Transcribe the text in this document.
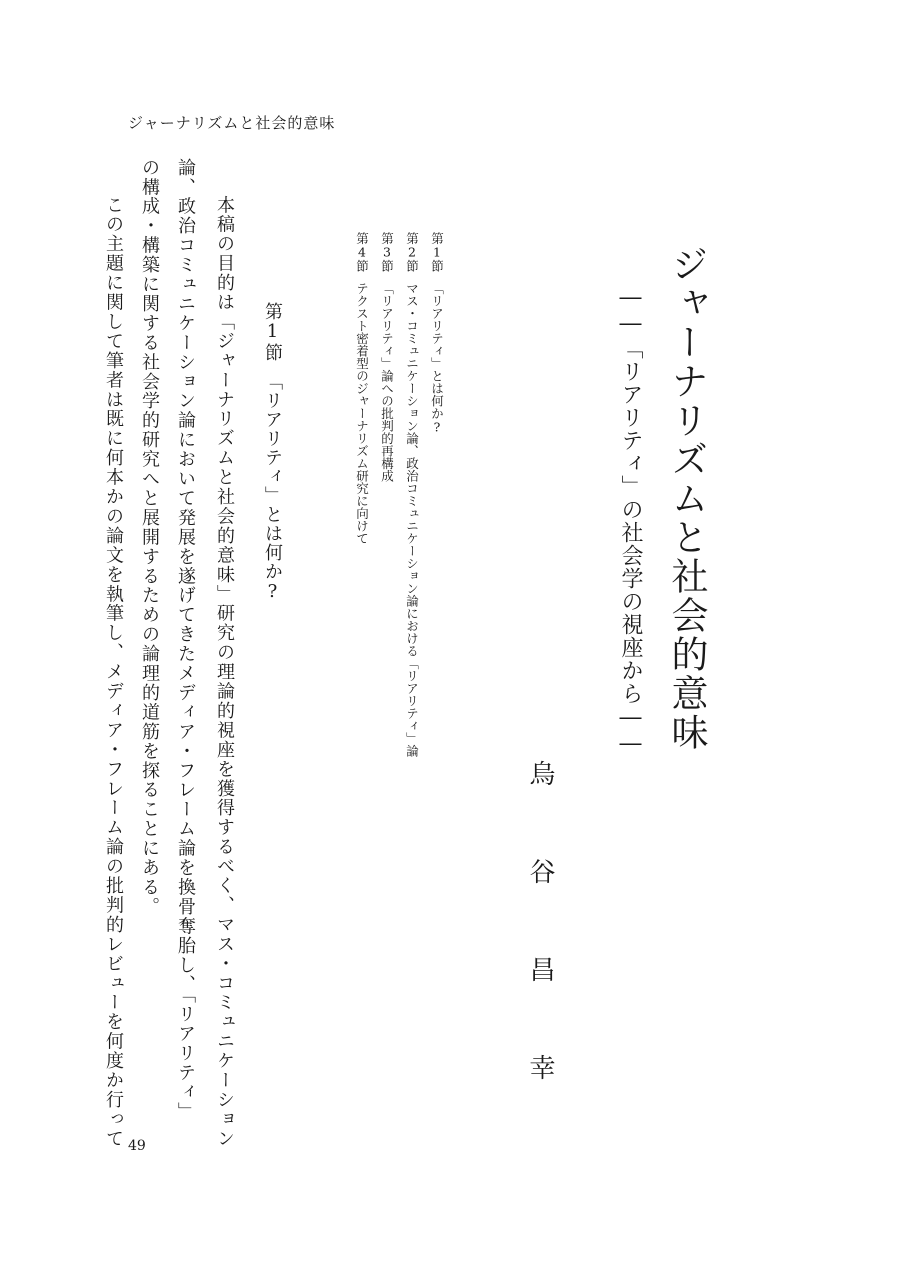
ジャーナリズムと社会的意味
ジャーナリズムと社会的意味
――「リアリティ」の社会学の視座から――
烏谷昌幸
第1節「リアリティ」とは何か?
第2節マス・コミュニケーション論、政治コミュニケーション論における「リアリティ」論
第3節「リアリティ」論への批判的再構成
第4節テクスト密着型のジャーナリズム研究に向けて
第1節　「リアリティ」とは何か?
　本稿の目的は「ジャーナリズムと社会的意味」研究の理論的視座を獲得するべく、マス・コミュニケーション
論、政治コミュニケーション論において発展を遂げてきたメディア・フレーム論を換骨奪胎し、「リアリティ」
の構成・構築に関する社会学的研究へと展開するための論理的道筋を探ることにある。
　この主題に関して筆者は既に何本かの論文を執筆し、メディア・フレーム論の批判的レビューを何度か行って 49
